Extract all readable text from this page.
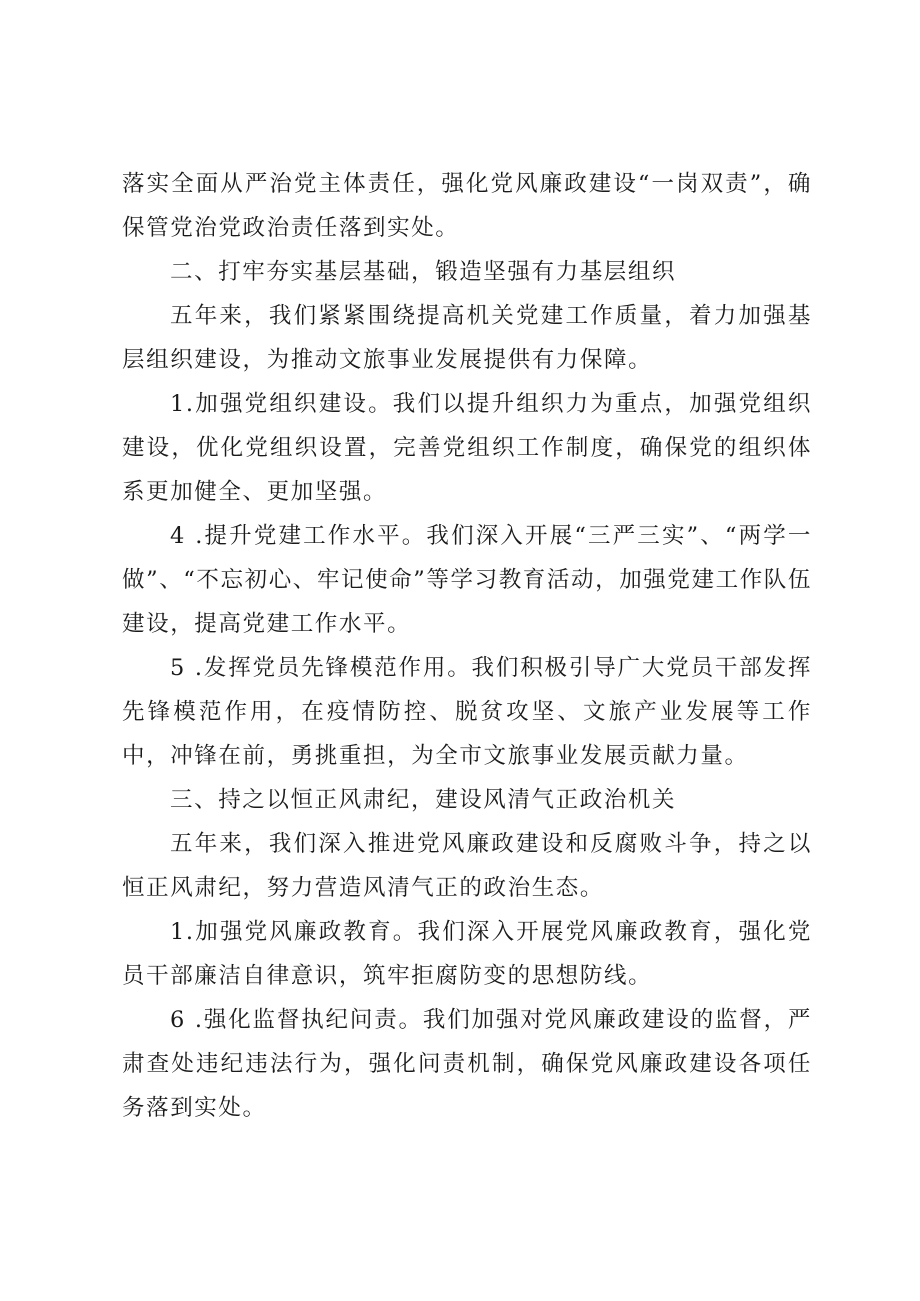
落实全面从严治党主体责任，强化党风廉政建设“一岗双责”，确保管党治党政治责任落到实处。

二、打牢夯实基层基础，锻造坚强有力基层组织

五年来，我们紧紧围绕提高机关党建工作质量，着力加强基层组织建设，为推动文旅事业发展提供有力保障。

1.加强党组织建设。我们以提升组织力为重点，加强党组织建设，优化党组织设置，完善党组织工作制度，确保党的组织体系更加健全、更加坚强。

4 .提升党建工作水平。我们深入开展“三严三实”、“两学一做”、“不忘初心、牢记使命”等学习教育活动，加强党建工作队伍建设，提高党建工作水平。

5 .发挥党员先锋模范作用。我们积极引导广大党员干部发挥先锋模范作用，在疫情防控、脱贫攻坚、文旅产业发展等工作中，冲锋在前，勇挑重担，为全市文旅事业发展贡献力量。

三、持之以恒正风肃纪，建设风清气正政治机关

五年来，我们深入推进党风廉政建设和反腐败斗争，持之以恒正风肃纪，努力营造风清气正的政治生态。

1.加强党风廉政教育。我们深入开展党风廉政教育，强化党员干部廉洁自律意识，筑牢拒腐防变的思想防线。

6 .强化监督执纪问责。我们加强对党风廉政建设的监督，严肃查处违纪违法行为，强化问责机制，确保党风廉政建设各项任务落到实处。
